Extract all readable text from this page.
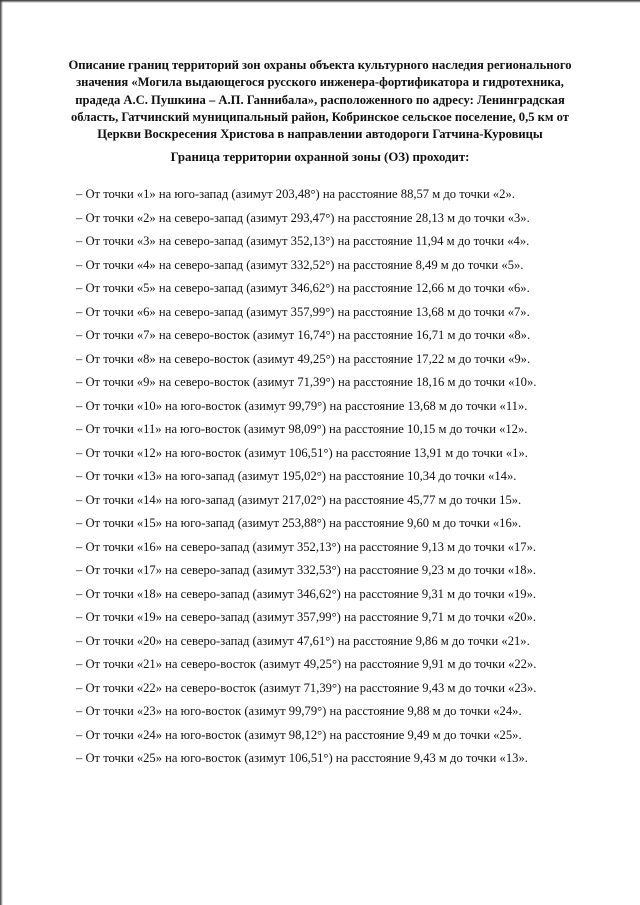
Описание границ территорий зон охраны объекта культурного наследия регионального
значения «Могила выдающегося русского инженера-фортификатора и гидротехника,
прадеда А.С. Пушкина – А.П. Ганнибала», расположенного по адресу: Ленинградская
область, Гатчинский муниципальный район, Кобринское сельское поселение, 0,5 км от
Церкви Воскресения Христова в направлении автодороги Гатчина-Куровицы
Граница территории охранной зоны (ОЗ) проходит:
– От точки «1» на юго-запад (азимут 203,48°) на расстояние 88,57 м до точки «2».
– От точки «2» на северо-запад (азимут 293,47°) на расстояние 28,13 м до точки «3».
– От точки «3» на северо-запад (азимут 352,13°) на расстояние 11,94 м до точки «4».
– От точки «4» на северо-запад (азимут 332,52°) на расстояние 8,49 м до точки «5».
– От точки «5» на северо-запад (азимут 346,62°) на расстояние 12,66 м до точки «6».
– От точки «6» на северо-запад (азимут 357,99°) на расстояние 13,68 м до точки «7».
– От точки «7» на северо-восток (азимут 16,74°) на расстояние 16,71 м до точки «8».
– От точки «8» на северо-восток (азимут 49,25°) на расстояние 17,22 м до точки «9».
– От точки «9» на северо-восток (азимут 71,39°) на расстояние 18,16 м до точки «10».
– От точки «10» на юго-восток (азимут 99,79°) на расстояние 13,68 м до точки «11».
– От точки «11» на юго-восток (азимут 98,09°) на расстояние 10,15 м до точки «12».
– От точки «12» на юго-восток (азимут 106,51°) на расстояние 13,91 м до точки «1».
– От точки «13» на юго-запад (азимут 195,02°) на расстояние 10,34 до точки «14».
– От точки «14» на юго-запад (азимут 217,02°) на расстояние 45,77 м до точки 15».
– От точки «15» на юго-запад (азимут 253,88°) на расстояние 9,60 м до точки «16».
– От точки «16» на северо-запад (азимут 352,13°) на расстояние 9,13 м до точки «17».
– От точки «17» на северо-запад (азимут 332,53°) на расстояние 9,23 м до точки «18».
– От точки «18» на северо-запад (азимут 346,62°) на расстояние 9,31 м до точки «19».
– От точки «19» на северо-запад (азимут 357,99°) на расстояние 9,71 м до точки «20».
– От точки «20» на северо-запад (азимут 47,61°) на расстояние 9,86 м до точки «21».
– От точки «21» на северо-восток (азимут 49,25°) на расстояние 9,91 м до точки «22».
– От точки «22» на северо-восток (азимут 71,39°) на расстояние 9,43 м до точки «23».
– От точки «23» на юго-восток (азимут 99,79°) на расстояние 9,88 м до точки «24».
– От точки «24» на юго-восток (азимут 98,12°) на расстояние 9,49 м до точки «25».
– От точки «25» на юго-восток (азимут 106,51°) на расстояние 9,43 м до точки «13».
